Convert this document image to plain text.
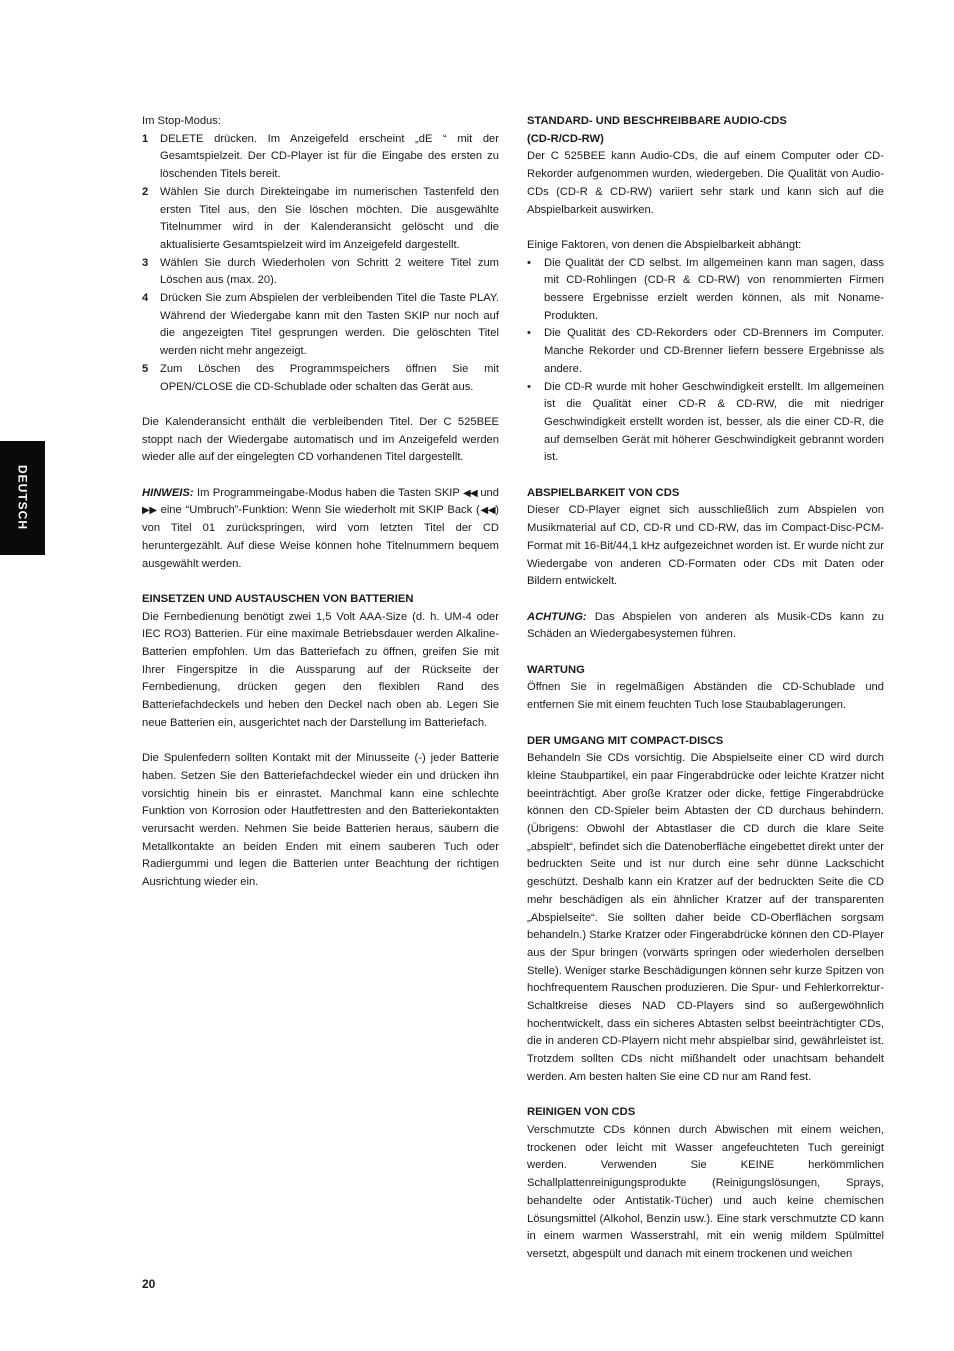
DEUTSCH

Im Stop-Modus:

1	DELETE drücken. Im Anzeigefeld erscheint „dE “ mit der Gesamtspielzeit. Der CD-Player ist für die Eingabe des ersten zu löschenden Titels bereit.
2	Wählen Sie durch Direkteingabe im numerischen Tastenfeld den ersten Titel aus, den Sie löschen möchten. Die ausgewählte Titelnummer wird in der Kalenderansicht gelöscht und die aktualisierte Gesamtspielzeit wird im Anzeigefeld dargestellt.
3	Wählen Sie durch Wiederholen von Schritt 2 weitere Titel zum Löschen aus (max. 20).
4	Drücken Sie zum Abspielen der verbleibenden Titel die Taste PLAY. Während der Wiedergabe kann mit den Tasten SKIP nur noch auf die angezeigten Titel gesprungen werden. Die gelöschten Titel werden nicht mehr angezeigt.
5	Zum Löschen des Programmspeichers öffnen Sie mit OPEN/CLOSE die CD-Schublade oder schalten das Gerät aus.

Die Kalenderansicht enthält die verbleibenden Titel. Der C 525BEE stoppt nach der Wiedergabe automatisch und im Anzeigefeld werden wieder alle auf der eingelegten CD vorhandenen Titel dargestellt.

HINWEIS: Im Programmeingabe-Modus haben die Tasten SKIP ◀◀ und ▶▶ eine “Umbruch”-Funktion: Wenn Sie wiederholt mit SKIP Back (◀◀) von Titel 01 zurückspringen, wird vom letzten Titel der CD heruntergezählt. Auf diese Weise können hohe Titelnummern bequem ausgewählt werden.

EINSETZEN UND AUSTAUSCHEN VON BATTERIEN

Die Fernbedienung benötigt zwei 1,5 Volt AAA-Size (d. h. UM-4 oder IEC RO3) Batterien. Für eine maximale Betriebsdauer werden Alkaline-Batterien empfohlen. Um das Batteriefach zu öffnen, greifen Sie mit Ihrer Fingerspitze in die Aussparung auf der Rückseite der Fernbedienung, drücken gegen den flexiblen Rand des Batteriefachdeckels und heben den Deckel nach oben ab. Legen Sie neue Batterien ein, ausgerichtet nach der Darstellung im Batteriefach.

Die Spulenfedern sollten Kontakt mit der Minusseite (-) jeder Batterie haben. Setzen Sie den Batteriefachdeckel wieder ein und drücken ihn vorsichtig hinein bis er einrastet. Manchmal kann eine schlechte Funktion von Korrosion oder Hautfettresten and den Batteriekontakten verursacht werden. Nehmen Sie beide Batterien heraus, säubern die Metallkontakte an beiden Enden mit einem sauberen Tuch oder Radiergummi und legen die Batterien unter Beachtung der richtigen Ausrichtung wieder ein.

STANDARD- UND BESCHREIBBARE AUDIO-CDS

(CD-R/CD-RW)

Der C 525BEE kann Audio-CDs, die auf einem Computer oder CD-Rekorder aufgenommen wurden, wiedergeben. Die Qualität von Audio-CDs (CD-R & CD-RW) variiert sehr stark und kann sich auf die Abspielbarkeit auswirken.

Einige Faktoren, von denen die Abspielbarkeit abhängt:

•	Die Qualität der CD selbst. Im allgemeinen kann man sagen, dass mit CD-Rohlingen (CD-R & CD-RW) von renommierten Firmen bessere Ergebnisse erzielt werden können, als mit Noname-Produkten.
•	Die Qualität des CD-Rekorders oder CD-Brenners im Computer. Manche Rekorder und CD-Brenner liefern bessere Ergebnisse als andere.
•	Die CD-R wurde mit hoher Geschwindigkeit erstellt. Im allgemeinen ist die Qualität einer CD-R & CD-RW, die mit niedriger Geschwindigkeit erstellt worden ist, besser, als die einer CD-R, die auf demselben Gerät mit höherer Geschwindigkeit gebrannt worden ist.

ABSPIELBARKEIT VON CDS

Dieser CD-Player eignet sich ausschließlich zum Abspielen von Musikmaterial auf CD, CD-R und CD-RW, das im Compact-Disc-PCM-Format mit 16-Bit/44,1 kHz aufgezeichnet worden ist. Er wurde nicht zur Wiedergabe von anderen CD-Formaten oder CDs mit Daten oder Bildern entwickelt.

ACHTUNG: Das Abspielen von anderen als Musik-CDs kann zu Schäden an Wiedergabesystemen führen.

WARTUNG

Öffnen Sie in regelmäßigen Abständen die CD-Schublade und entfernen Sie mit einem feuchten Tuch lose Staubablagerungen.

DER UMGANG MIT COMPACT-DISCS

Behandeln Sie CDs vorsichtig. Die Abspielseite einer CD wird durch kleine Staubpartikel, ein paar Fingerabdrücke oder leichte Kratzer nicht beeinträchtigt. Aber große Kratzer oder dicke, fettige Fingerabdrücke können den CD-Spieler beim Abtasten der CD durchaus behindern. (Übrigens: Obwohl der Abtastlaser die CD durch die klare Seite „abspielt“, befindet sich die Datenoberfläche eingebettet direkt unter der bedruckten Seite und ist nur durch eine sehr dünne Lackschicht geschützt. Deshalb kann ein Kratzer auf der bedruckten Seite die CD mehr beschädigen als ein ähnlicher Kratzer auf der transparenten „Abspielseite“. Sie sollten daher beide CD-Oberflächen sorgsam behandeln.) Starke Kratzer oder Fingerabdrücke können den CD-Player aus der Spur bringen (vorwärts springen oder wiederholen derselben Stelle). Weniger starke Beschädigungen können sehr kurze Spitzen von hochfrequentem Rauschen produzieren. Die Spur- und Fehlerkorrektur-Schaltkreise dieses NAD CD-Players sind so außergewöhnlich hochentwickelt, dass ein sicheres Abtasten selbst beeinträchtigter CDs, die in anderen CD-Playern nicht mehr abspielbar sind, gewährleistet ist. Trotzdem sollten CDs nicht mißhandelt oder unachtsam behandelt werden. Am besten halten Sie eine CD nur am Rand fest.

REINIGEN VON CDS

Verschmutzte CDs können durch Abwischen mit einem weichen, trockenen oder leicht mit Wasser angefeuchteten Tuch gereinigt werden. Verwenden Sie KEINE herkömmlichen Schallplattenreinigungsprodukte (Reinigungslösungen, Sprays, behandelte oder Antistatik-Tücher) und auch keine chemischen Lösungsmittel (Alkohol, Benzin usw.). Eine stark verschmutzte CD kann in einem warmen Wasserstrahl, mit ein wenig mildem Spülmittel versetzt, abgespült und danach mit einem trockenen und weichen

20
